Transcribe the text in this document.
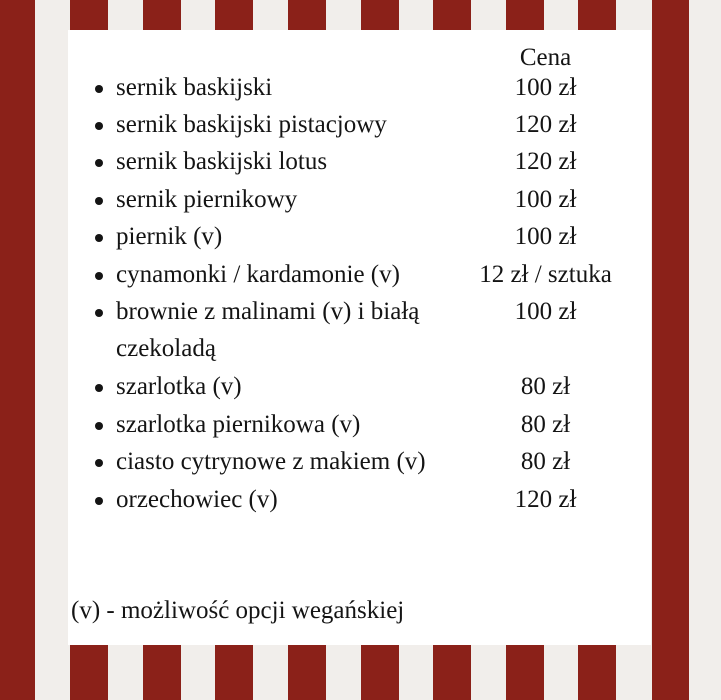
Cena
sernik baskijski	100 zł
sernik baskijski pistacjowy	120 zł
sernik baskijski lotus	120 zł
sernik piernikowy	100 zł
piernik (v)	100 zł
cynamonki / kardamonie (v)	12 zł / sztuka
brownie z malinami (v) i białą	100 zł
czekoladą
szarlotka (v)	80 zł
szarlotka piernikowa (v)	80 zł
ciasto cytrynowe z makiem (v)	80 zł
orzechowiec (v)	120 zł
(v) - możliwość opcji wegańskiej
